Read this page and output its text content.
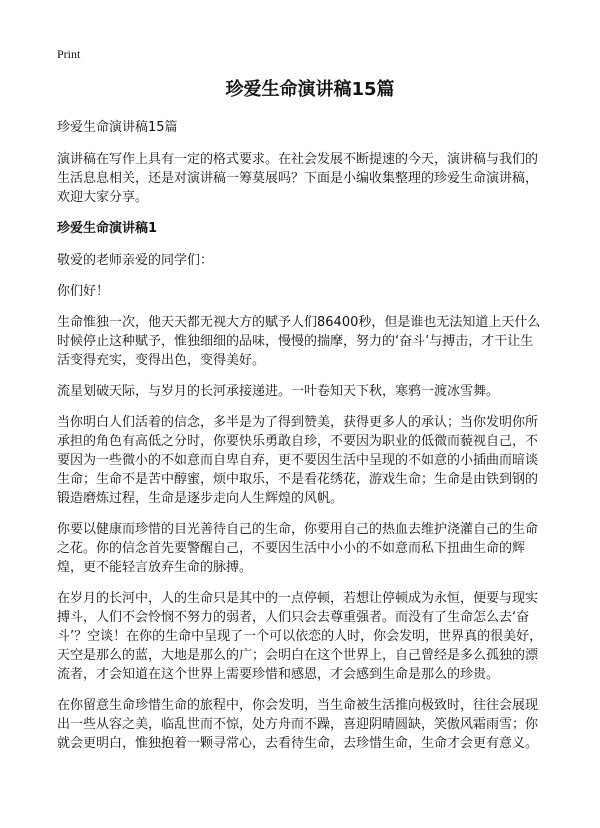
Print
珍爱生命演讲稿15篇

珍爱生命演讲稿15篇

演讲稿在写作上具有一定的格式要求。在社会发展不断提速的今天，演讲稿与我们的生活息息相关，还是对演讲稿一筹莫展吗？下面是小编收集整理的珍爱生命演讲稿，欢迎大家分享。

珍爱生命演讲稿1

敬爱的老师亲爱的同学们：

你们好！

生命惟独一次，他天天都无视大方的赋予人们86400秒，但是谁也无法知道上天什么时候停止这种赋予，惟独细细的品味，慢慢的揣摩，努力的‘奋斗’与搏击，才干让生活变得充实，变得出色，变得美好。

流星划破天际，与岁月的长河承接递进。一叶卷知天下秋，寒鸦一渡冰雪舞。

当你明白人们活着的信念，多半是为了得到赞美，获得更多人的承认；当你发明你所承担的角色有高低之分时，你要快乐勇敢自珍，不要因为职业的低微而藐视自己，不要因为一些微小的不如意而自卑自弃，更不要因生活中呈现的不如意的小插曲而暗谈生命；生命不是苦中醇蜜，烦中取乐，不是看花绣花，游戏生命；生命是由铁到钢的锻造磨炼过程，生命是逐步走向人生辉煌的风帆。

你要以健康而珍惜的目光善待自己的生命，你要用自己的热血去维护浇灌自己的生命之花。你的信念首先要警醒自己，不要因生活中小小的不如意而私下扭曲生命的辉煌，更不能轻言放弃生命的脉搏。

在岁月的长河中，人的生命只是其中的一点停顿，若想让停顿成为永恒，便要与现实搏斗，人们不会怜悯不努力的弱者，人们只会去尊重强者。而没有了生命怎么去‘奋斗’？空谈！在你的生命中呈现了一个可以依恋的人时，你会发明，世界真的很美好，天空是那么的蓝，大地是那么的广；会明白在这个世界上，自己曾经是多么孤独的漂流者，才会知道在这个世界上需要珍惜和感恩，才会感到生命是那么的珍贵。

在你留意生命珍惜生命的旅程中，你会发明，当生命被生活推向极致时，往往会展现出一些从容之美，临乱世而不惊，处方舟而不躁，喜迎阴晴圆缺，笑傲风霜雨雪；你就会更明白，惟独抱着一颗寻常心，去看待生命，去珍惜生命，生命才会更有意义。
